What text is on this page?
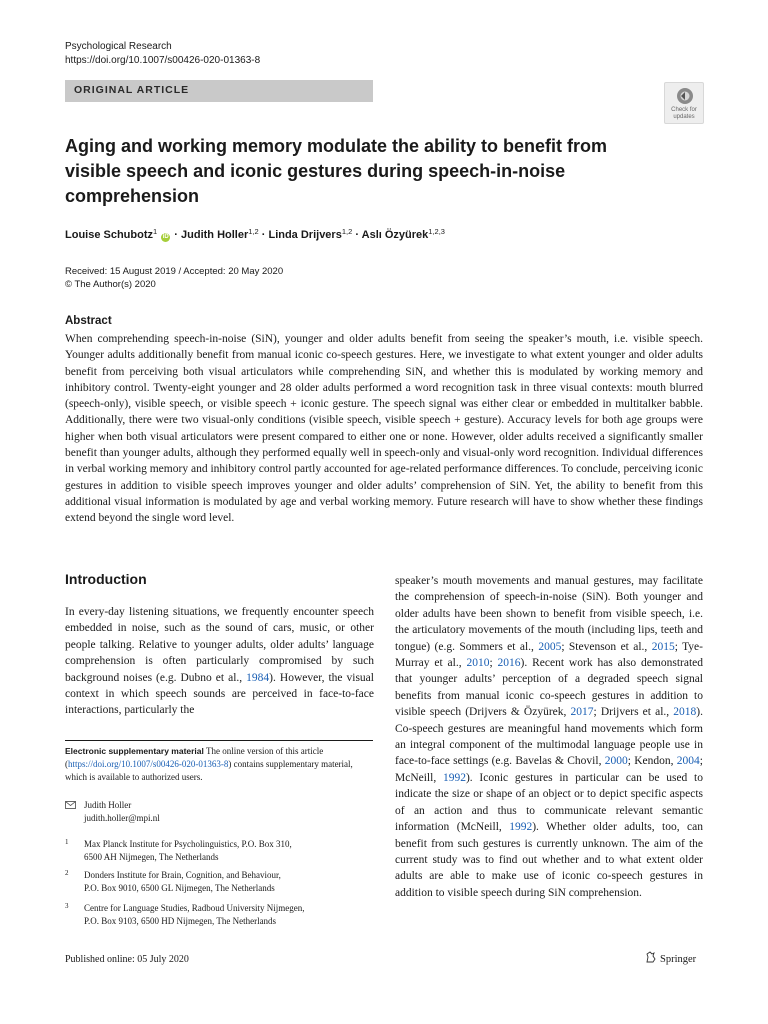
Psychological Research
https://doi.org/10.1007/s00426-020-01363-8
ORIGINAL ARTICLE
Check for updates
Aging and working memory modulate the ability to benefit from visible speech and iconic gestures during speech-in-noise comprehension
Louise Schubotz$^1$ iD · Judith Holler$^{1,2}$ · Linda Drijvers$^{1,2}$ · Aslı Özyürek$^{1,2,3}$
Received: 15 August 2019 / Accepted: 20 May 2020
© The Author(s) 2020
Abstract

When comprehending speech-in-noise (SiN), younger and older adults benefit from seeing the speaker’s mouth, i.e. visible speech. Younger adults additionally benefit from manual iconic co-speech gestures. Here, we investigate to what extent younger and older adults benefit from perceiving both visual articulators while comprehending SiN, and whether this is modulated by working memory and inhibitory control. Twenty-eight younger and 28 older adults performed a word recognition task in three visual contexts: mouth blurred (speech-only), visible speech, or visible speech + iconic gesture. The speech signal was either clear or embedded in multitalker babble. Additionally, there were two visual-only conditions (visible speech, visible speech + gesture). Accuracy levels for both age groups were higher when both visual articulators were present compared to either one or none. However, older adults received a significantly smaller benefit than younger adults, although they performed equally well in speech-only and visual-only word recognition. Individual differences in verbal working memory and inhibitory control partly accounted for age-related performance differences. To conclude, perceiving iconic gestures in addition to visible speech improves younger and older adults’ comprehension of SiN. Yet, the ability to benefit from this additional visual information is modulated by age and verbal working memory. Future research will have to show whether these findings extend beyond the single word level.

Introduction

In every-day listening situations, we frequently encounter speech embedded in noise, such as the sound of cars, music, or other people talking. Relative to younger adults, older adults’ language comprehension is often particularly compromised by such background noises (e.g. Dubno et al., 1984). However, the visual context in which speech sounds are perceived in face-to-face interactions, particularly the

speaker’s mouth movements and manual gestures, may facilitate the comprehension of speech-in-noise (SiN). Both younger and older adults have been shown to benefit from visible speech, i.e. the articulatory movements of the mouth (including lips, teeth and tongue) (e.g. Sommers et al., 2005; Stevenson et al., 2015; Tye-Murray et al., 2010; 2016). Recent work has also demonstrated that younger adults’ perception of a degraded speech signal benefits from manual iconic co-speech gestures in addition to visible speech (Drijvers & Özyürek, 2017; Drijvers et al., 2018). Co-speech gestures are meaningful hand movements which form an integral component of the multimodal language people use in face-to-face settings (e.g. Bavelas & Chovil, 2000; Kendon, 2004; McNeill, 1992). Iconic gestures in particular can be used to indicate the size or shape of an object or to depict specific aspects of an action and thus to communicate relevant semantic information (McNeill, 1992). Whether older adults, too, can benefit from such gestures is currently unknown. The aim of the current study was to find out whether and to what extent older adults are able to make use of iconic co-speech gestures in addition to visible speech during SiN comprehension.

Electronic supplementary material The online version of this article (https://doi.org/10.1007/s00426-020-01363-8) contains supplementary material, which is available to authorized users.

Judith Holler
judith.holler@mpi.nl
1 Max Planck Institute for Psycholinguistics, P.O. Box 310,
6500 AH Nijmegen, The Netherlands
2 Donders Institute for Brain, Cognition, and Behaviour,
P.O. Box 9010, 6500 GL Nijmegen, The Netherlands
3 Centre for Language Studies, Radboud University Nijmegen,
P.O. Box 9103, 6500 HD Nijmegen, The Netherlands
Published online: 05 July 2020	Springer
